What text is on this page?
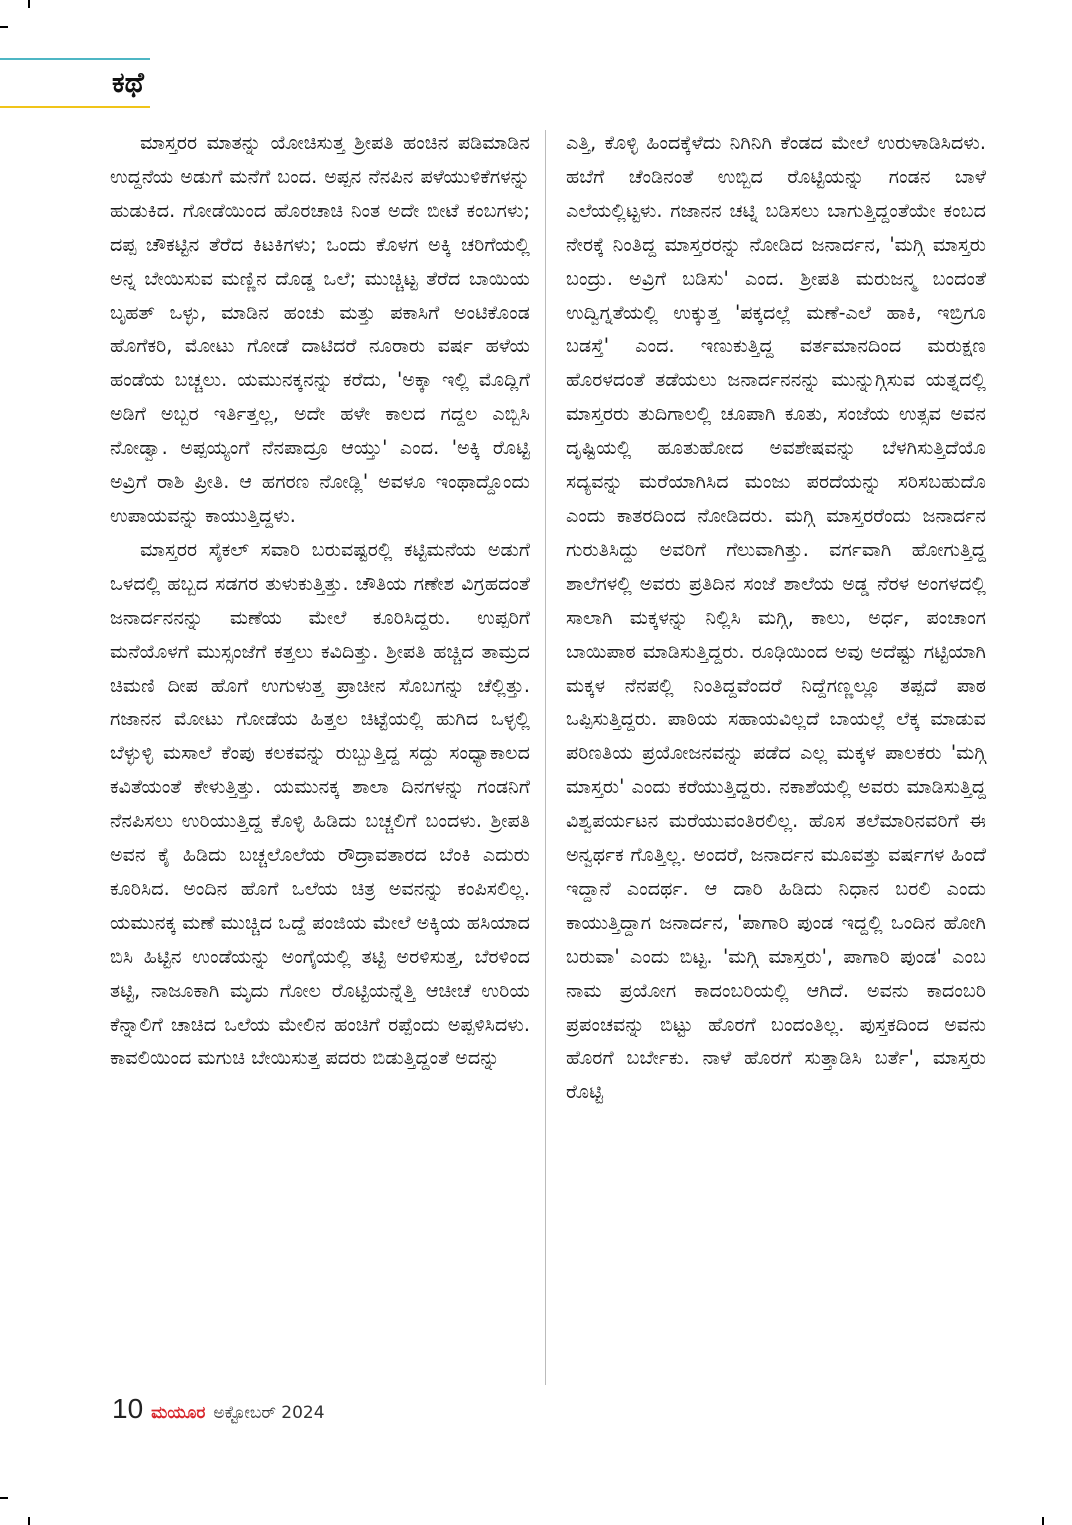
ಕಥೆ

ಮಾಸ್ತರರ ಮಾತನ್ನು ಯೋಚಿಸುತ್ತ ಶ್ರೀಪತಿ ಹಂಚಿನ ಪಡಿಮಾಡಿನ ಉದ್ದನೆಯ ಅಡುಗೆ ಮನೆಗೆ ಬಂದ. ಅಪ್ಪನ ನೆನಪಿನ ಪಳೆಯುಳಿಕೆಗಳನ್ನು ಹುಡುಕಿದ. ಗೋಡೆಯಿಂದ ಹೊರಚಾಚಿ ನಿಂತ ಅದೇ ಬೀಟೆ ಕಂಬಗಳು; ದಪ್ಪ ಚೌಕಟ್ಟಿನ ತೆರೆದ ಕಿಟಕಿಗಳು; ಒಂದು ಕೊಳಗ ಅಕ್ಕಿ ಚರಿಗೆಯಲ್ಲಿ ಅನ್ನ ಬೇಯಿಸುವ ಮಣ್ಣಿನ ದೊಡ್ಡ ಒಲೆ; ಮುಚ್ಚಿಟ್ಟ ತೆರೆದ ಬಾಯಿಯ ಬೃಹತ್ ಒಳ್ಳು, ಮಾಡಿನ ಹಂಚು ಮತ್ತು ಪಕಾಸಿಗೆ ಅಂಟಿಕೊಂಡ ಹೊಗೆಕರಿ, ಮೋಟು ಗೋಡೆ ದಾಟಿದರೆ ನೂರಾರು ವರ್ಷ ಹಳೆಯ ಹಂಡೆಯ ಬಚ್ಚಲು. ಯಮುನಕ್ಕನನ್ನು ಕರೆದು, 'ಅಕ್ಕಾ ಇಲ್ಲಿ ಮೊದ್ಲಿಗೆ ಅಡಿಗೆ ಅಬ್ಬರ ಇರ್ತಿತ್ತಲ್ಲ, ಅದೇ ಹಳೇ ಕಾಲದ ಗದ್ದಲ ಎಬ್ಬಿಸಿ ನೋಡ್ವಾ. ಅಪ್ಪಯ್ಯಂಗೆ ನೆನಪಾದ್ರೂ ಆಯ್ತು' ಎಂದ. 'ಅಕ್ಕಿ ರೊಟ್ಟಿ ಅವ್ರಿಗೆ ರಾಶಿ ಪ್ರೀತಿ. ಆ ಹಗರಣ ನೋಡ್ಲಿ' ಅವಳೂ ಇಂಥಾದ್ದೊಂದು ಉಪಾಯವನ್ನು ಕಾಯುತ್ತಿದ್ದಳು.

ಮಾಸ್ತರರ ಸೈಕಲ್ ಸವಾರಿ ಬರುವಷ್ಟರಲ್ಲಿ ಕಟ್ಟಿಮನೆಯ ಅಡುಗೆ ಒಳದಲ್ಲಿ ಹಬ್ಬದ ಸಡಗರ ತುಳುಕುತ್ತಿತ್ತು. ಚೌತಿಯ ಗಣೇಶ ವಿಗ್ರಹದಂತೆ ಜನಾರ್ದನನನ್ನು ಮಣೆಯ ಮೇಲೆ ಕೂರಿಸಿದ್ದರು. ಉಪ್ಪರಿಗೆ ಮನೆಯೊಳಗೆ ಮುಸ್ಸಂಜೆಗೆ ಕತ್ತಲು ಕವಿದಿತ್ತು. ಶ್ರೀಪತಿ ಹಚ್ಚಿದ ತಾಮ್ರದ ಚಿಮಣಿ ದೀಪ ಹೊಗೆ ಉಗುಳುತ್ತ ಪ್ರಾಚೀನ ಸೊಬಗನ್ನು ಚೆಲ್ಲಿತ್ತು. ಗಜಾನನ ಮೋಟು ಗೋಡೆಯ ಹಿತ್ತಲ ಚಿಟ್ಟೆಯಲ್ಲಿ ಹುಗಿದ ಒಳ್ಳಲ್ಲಿ ಬೆಳ್ಳುಳ್ಳಿ ಮಸಾಲೆ ಕೆಂಪು ಕಲಕವನ್ನು ರುಬ್ಬುತ್ತಿದ್ದ ಸದ್ದು ಸಂಧ್ಯಾಕಾಲದ ಕವಿತೆಯಂತೆ ಕೇಳುತ್ತಿತ್ತು. ಯಮುನಕ್ಕ ಶಾಲಾ ದಿನಗಳನ್ನು ಗಂಡನಿಗೆ ನೆನಪಿಸಲು ಉರಿಯುತ್ತಿದ್ದ ಕೊಳ್ಳಿ ಹಿಡಿದು ಬಚ್ಚಲಿಗೆ ಬಂದಳು. ಶ್ರೀಪತಿ ಅವನ ಕೈ ಹಿಡಿದು ಬಚ್ಚಲೊಲೆಯ ರೌದ್ರಾವತಾರದ ಬೆಂಕಿ ಎದುರು ಕೂರಿಸಿದ. ಅಂದಿನ ಹೊಗೆ ಒಲೆಯ ಚಿತ್ರ ಅವನನ್ನು ಕಂಪಿಸಲಿಲ್ಲ. ಯಮುನಕ್ಕ ಮಣೆ ಮುಚ್ಚಿದ ಒದ್ದೆ ಪಂಜಿಯ ಮೇಲೆ ಅಕ್ಕಿಯ ಹಸಿಯಾದ ಬಿಸಿ ಹಿಟ್ಟಿನ ಉಂಡೆಯನ್ನು ಅಂಗೈಯಲ್ಲಿ ತಟ್ಟಿ ಅರಳಿಸುತ್ತ, ಬೆರಳಿಂದ ತಟ್ಟಿ, ನಾಜೂಕಾಗಿ ಮೃದು ಗೋಲ ರೊಟ್ಟಿಯನ್ನೆತ್ತಿ ಆಚೀಚೆ ಉರಿಯ ಕೆನ್ನಾಲಿಗೆ ಚಾಚಿದ ಒಲೆಯ ಮೇಲಿನ ಹಂಚಿಗೆ ರಪ್ಪೆಂದು ಅಪ್ಪಳಿಸಿದಳು. ಕಾವಲಿಯಿಂದ ಮಗುಚಿ ಬೇಯಿಸುತ್ತ ಪದರು ಬಿಡುತ್ತಿದ್ದಂತೆ ಅದನ್ನು

ಎತ್ತಿ, ಕೊಳ್ಳಿ ಹಿಂದಕ್ಕೆಳೆದು ನಿಗಿನಿಗಿ ಕೆಂಡದ ಮೇಲೆ ಉರುಳಾಡಿಸಿದಳು. ಹಬೆಗೆ ಚೆಂಡಿನಂತೆ ಉಬ್ಬಿದ ರೊಟ್ಟಿಯನ್ನು ಗಂಡನ ಬಾಳೆ ಎಲೆಯಲ್ಲಿಟ್ಟಳು. ಗಜಾನನ ಚಟ್ನಿ ಬಡಿಸಲು ಬಾಗುತ್ತಿದ್ದಂತೆಯೇ ಕಂಬದ ನೇರಕ್ಕೆ ನಿಂತಿದ್ದ ಮಾಸ್ತರರನ್ನು ನೋಡಿದ ಜನಾರ್ದನ, 'ಮಗ್ಗಿ ಮಾಸ್ತರು ಬಂದ್ರು. ಅವ್ರಿಗೆ ಬಡಿಸು' ಎಂದ. ಶ್ರೀಪತಿ ಮರುಜನ್ಮ ಬಂದಂತೆ ಉದ್ವಿಗ್ನತೆಯಲ್ಲಿ ಉಕ್ಕುತ್ತ 'ಪಕ್ಕದಲ್ಲೆ ಮಣೆ-ಎಲೆ ಹಾಕಿ, ಇಬ್ರಿಗೂ ಬಡಸ್ತೆ' ಎಂದ. ಇಣುಕುತ್ತಿದ್ದ ವರ್ತಮಾನದಿಂದ ಮರುಕ್ಷಣ ಹೊರಳದಂತೆ ತಡೆಯಲು ಜನಾರ್ದನನನ್ನು ಮುನ್ನುಗ್ಗಿಸುವ ಯತ್ನದಲ್ಲಿ ಮಾಸ್ತರರು ತುದಿಗಾಲಲ್ಲಿ ಚೂಪಾಗಿ ಕೂತು, ಸಂಜೆಯ ಉತ್ಸವ ಅವನ ದೃಷ್ಟಿಯಲ್ಲಿ ಹೂತುಹೋದ ಅವಶೇಷವನ್ನು ಬೆಳಗಿಸುತ್ತಿದೆಯೊ ಸದ್ಯವನ್ನು ಮರೆಯಾಗಿಸಿದ ಮಂಜು ಪರದೆಯನ್ನು ಸರಿಸಬಹುದೊ ಎಂದು ಕಾತರದಿಂದ ನೋಡಿದರು. ಮಗ್ಗಿ ಮಾಸ್ತರರೆಂದು ಜನಾರ್ದನ ಗುರುತಿಸಿದ್ದು ಅವರಿಗೆ ಗೆಲುವಾಗಿತ್ತು. ವರ್ಗವಾಗಿ ಹೋಗುತ್ತಿದ್ದ ಶಾಲೆಗಳಲ್ಲಿ ಅವರು ಪ್ರತಿದಿನ ಸಂಜೆ ಶಾಲೆಯ ಅಡ್ಡ ನೆರಳ ಅಂಗಳದಲ್ಲಿ ಸಾಲಾಗಿ ಮಕ್ಕಳನ್ನು ನಿಲ್ಲಿಸಿ ಮಗ್ಗಿ, ಕಾಲು, ಅರ್ಧ, ಪಂಚಾಂಗ ಬಾಯಿಪಾಠ ಮಾಡಿಸುತ್ತಿದ್ದರು. ರೂಢಿಯಿಂದ ಅವು ಅದೆಷ್ಟು ಗಟ್ಟಿಯಾಗಿ ಮಕ್ಕಳ ನೆನಪಲ್ಲಿ ನಿಂತಿದ್ದವೆಂದರೆ ನಿದ್ದೆಗಣ್ಣಲ್ಲೂ ತಪ್ಪದೆ ಪಾಠ ಒಪ್ಪಿಸುತ್ತಿದ್ದರು. ಪಾಠಿಯ ಸಹಾಯವಿಲ್ಲದೆ ಬಾಯಲ್ಲೆ ಲೆಕ್ಕ ಮಾಡುವ ಪರಿಣತಿಯ ಪ್ರಯೋಜನವನ್ನು ಪಡೆದ ಎಲ್ಲ ಮಕ್ಕಳ ಪಾಲಕರು 'ಮಗ್ಗಿ ಮಾಸ್ತರು' ಎಂದು ಕರೆಯುತ್ತಿದ್ದರು. ನಕಾಶೆಯಲ್ಲಿ ಅವರು ಮಾಡಿಸುತ್ತಿದ್ದ ವಿಶ್ವಪರ್ಯಟನ ಮರೆಯುವಂತಿರಲಿಲ್ಲ. ಹೊಸ ತಲೆಮಾರಿನವರಿಗೆ ಈ ಅನ್ವರ್ಥಕ ಗೊತ್ತಿಲ್ಲ. ಅಂದರೆ, ಜನಾರ್ದನ ಮೂವತ್ತು ವರ್ಷಗಳ ಹಿಂದೆ ಇದ್ದಾನೆ ಎಂದರ್ಥ. ಆ ದಾರಿ ಹಿಡಿದು ನಿಧಾನ ಬರಲಿ ಎಂದು ಕಾಯುತ್ತಿದ್ದಾಗ ಜನಾರ್ದನ, 'ಪಾಗಾರಿ ಪುಂಡ ಇದ್ದಲ್ಲಿ ಒಂದಿನ ಹೋಗಿ ಬರುವಾ' ಎಂದು ಬಿಟ್ಟ. 'ಮಗ್ಗಿ ಮಾಸ್ತರು', ಪಾಗಾರಿ ಪುಂಡ' ಎಂಬ ನಾಮ ಪ್ರಯೋಗ ಕಾದಂಬರಿಯಲ್ಲಿ ಆಗಿದೆ. ಅವನು ಕಾದಂಬರಿ ಪ್ರಪಂಚವನ್ನು ಬಿಟ್ಟು ಹೊರಗೆ ಬಂದಂತಿಲ್ಲ. ಪುಸ್ತಕದಿಂದ ಅವನು ಹೊರಗೆ ಬರ್ಬೇಕು. ನಾಳೆ ಹೊರಗೆ ಸುತ್ತಾಡಿಸಿ ಬರ್ತೆ', ಮಾಸ್ತರು ರೊಟ್ಟಿ

10 ಮಯೂರ ಅಕ್ಟೋಬರ್ 2024
